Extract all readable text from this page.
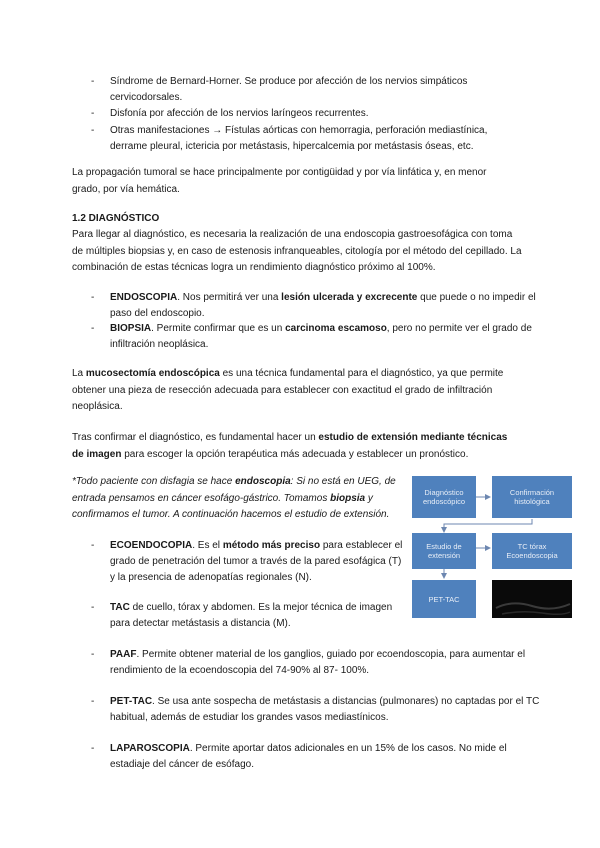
- Síndrome de Bernard-Horner. Se produce por afección de los nervios simpáticos
cervicodorsales.
- Disfonía por afección de los nervios laríngeos recurrentes.
- Otras manifestaciones → Fístulas aórticas con hemorragia, perforación mediastínica,
derrame pleural, ictericia por metástasis, hipercalcemia por metástasis óseas, etc.

La propagación tumoral se hace principalmente por contigüidad y por vía linfática y, en menor
grado, por vía hemática.

1.2 DIAGNÓSTICO

Para llegar al diagnóstico, es necesaria la realización de una endoscopia gastroesofágica con toma
de múltiples biopsias y, en caso de estenosis infranqueables, citología por el método del cepillado. La
combinación de estas técnicas logra un rendimiento diagnóstico próximo al 100%.

- ENDOSCOPIA. Nos permitirá ver una lesión ulcerada y excrecente que puede o no impedir el
paso del endoscopio.
- BIOPSIA. Permite confirmar que es un carcinoma escamoso, pero no permite ver el grado de
infiltración neoplásica.

La mucosectomía endoscópica es una técnica fundamental para el diagnóstico, ya que permite
obtener una pieza de resección adecuada para establecer con exactitud el grado de infiltración
neoplásica.

Tras confirmar el diagnóstico, es fundamental hacer un estudio de extensión mediante técnicas
de imagen para escoger la opción terapéutica más adecuada y establecer un pronóstico.

*Todo paciente con disfagia se hace endoscopia: Si no está en UEG, de
entrada pensamos en cáncer esofágo-gástrico. Tomamos biopsia y
confirmamos el tumor. A continuación hacemos el estudio de extensión.

- ECOENDOCOPIA. Es el método más preciso para establecer el
grado de penetración del tumor a través de la pared esofágica (T)
y la presencia de adenopatías regionales (N).
- TAC de cuello, tórax y abdomen. Es la mejor técnica de imagen
para detectar metástasis a distancia (M).
- PAAF. Permite obtener material de los ganglios, guiado por ecoendoscopia, para aumentar el
rendimiento de la ecoendoscopia del 74-90% al 87- 100%.
- PET-TAC. Se usa ante sospecha de metástasis a distancias (pulmonares) no captadas por el TC
habitual, además de estudiar los grandes vasos mediastínicos.
- LAPAROSCOPIA. Permite aportar datos adicionales en un 15% de los casos. No mide el
estadiaje del cáncer de esófago.
Diagnóstico endoscópico
Confirmación histológica
Estudio de extensión
TC tórax Ecoendoscopia
PET-TAC
